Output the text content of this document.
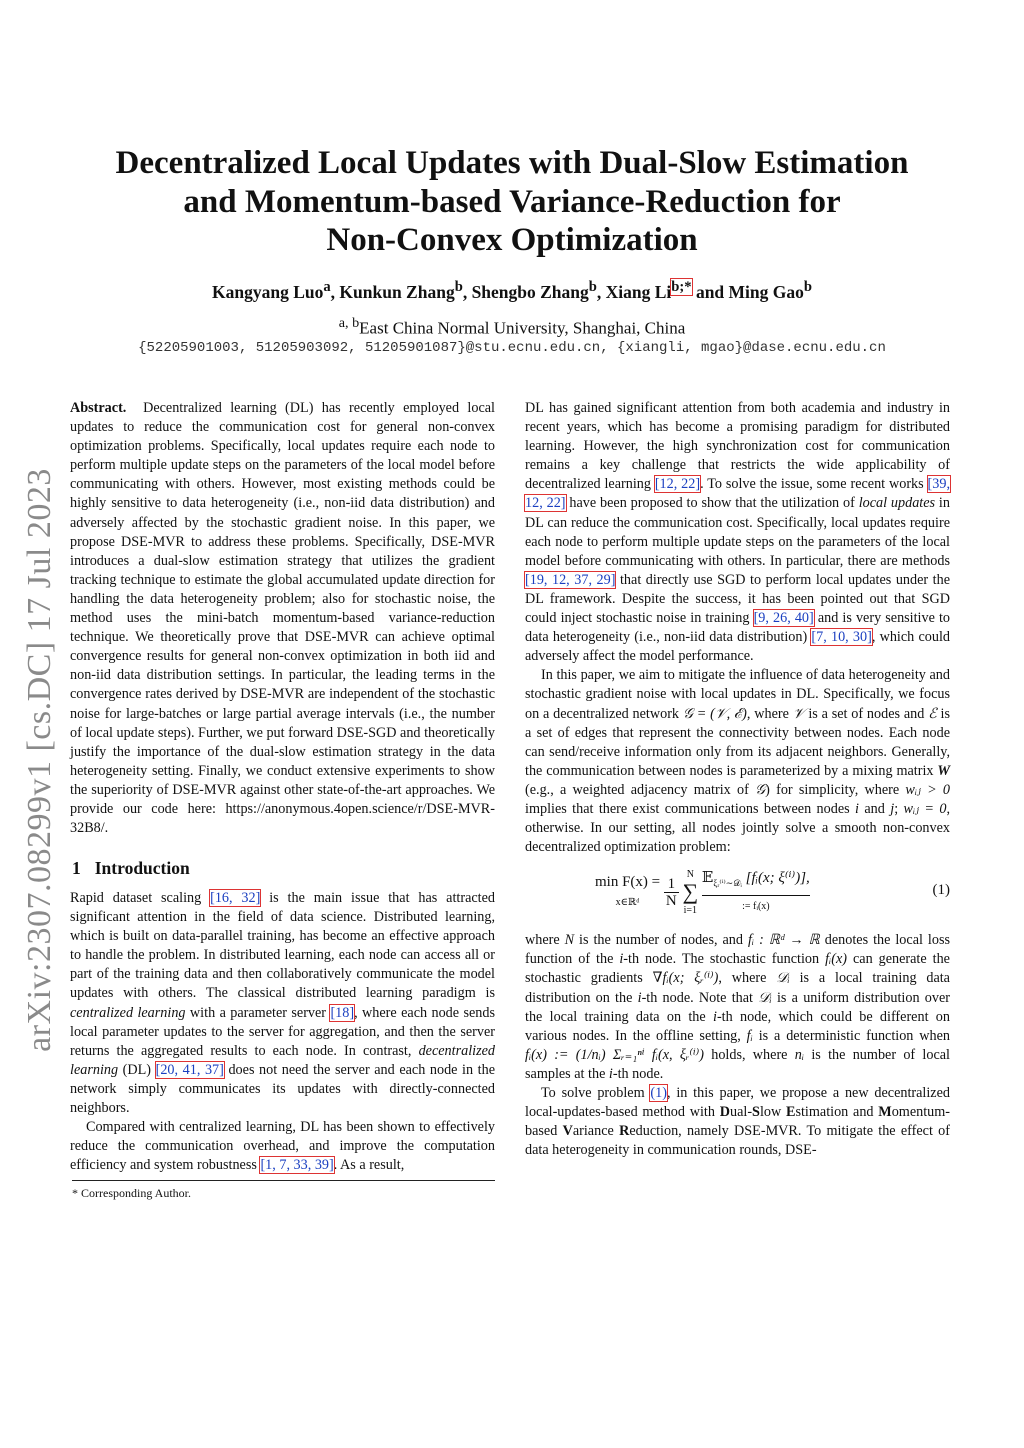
arXiv:2307.08299v1 [cs.DC] 17 Jul 2023
Decentralized Local Updates with Dual-Slow Estimation
and Momentum-based Variance-Reduction for
Non-Convex Optimization
Kangyang Luo$^a$, Kunkun Zhang$^b$, Shengbo Zhang$^b$, Xiang $Li^{b;*}$ and Ming Gao$^b$
$^{a, b}$East China Normal University, Shanghai, China
{52205901003, 51205903092, 51205901087}@stu.ecnu.edu.cn, {xiangli, mgao}@dase.ecnu.edu.cn

Abstract. Decentralized learning (DL) has recently employed local updates to reduce the communication cost for general non-convex optimization problems. Specifically, local updates require each node to perform multiple update steps on the parameters of the local model before communicating with others. However, most existing methods could be highly sensitive to data heterogeneity (i.e., non-iid data distribution) and adversely affected by the stochastic gradient noise. In this paper, we propose DSE-MVR to address these problems. Specifically, DSE-MVR introduces a dual-slow estimation strategy that utilizes the gradient tracking technique to estimate the global accumulated update direction for handling the data heterogeneity problem; also for stochastic noise, the method uses the mini-batch momentum-based variance-reduction technique. We theoretically prove that DSE-MVR can achieve optimal convergence results for general non-convex optimization in both iid and non-iid data distribution settings. In particular, the leading terms in the convergence rates derived by DSE-MVR are independent of the stochastic noise for large-batches or large partial average intervals (i.e., the number of local update steps). Further, we put forward DSE-SGD and theoretically justify the importance of the dual-slow estimation strategy in the data heterogeneity setting. Finally, we conduct extensive experiments to show the superiority of DSE-MVR against other state-of-the-art approaches. We provide our code here: https://anonymous.4open.science/r/DSE-MVR-32B8/.

1 Introduction

Rapid dataset scaling [16, 32] is the main issue that has attracted significant attention in the field of data science. Distributed learning, which is built on data-parallel training, has become an effective approach to handle the problem. In distributed learning, each node can access all or part of the training data and then collaboratively communicate the model updates with others. The classical distributed learning paradigm is centralized learning with a parameter server [18], where each node sends local parameter updates to the server for aggregation, and then the server returns the aggregated results to each node. In contrast, decentralized learning (DL) [20, 41, 37] does not need the server and each node in the network simply communicates its updates with directly-connected neighbors.

Compared with centralized learning, DL has been shown to effectively reduce the communication overhead, and improve the computation efficiency and system robustness [1, 7, 33, 39]. As a result,

* Corresponding Author.

DL has gained significant attention from both academia and industry in recent years, which has become a promising paradigm for distributed learning. However, the high synchronization cost for communication remains a key challenge that restricts the wide applicability of decentralized learning [12, 22]. To solve the issue, some recent works [39, 12, 22] have been proposed to show that the utilization of local updates in DL can reduce the communication cost. Specifically, local updates require each node to perform multiple update steps on the parameters of the local model before communicating with others. In particular, there are methods [19, 12, 37, 29] that directly use SGD to perform local updates under the DL framework. Despite the success, it has been pointed out that SGD could inject stochastic noise in training [9, 26, 40] and is very sensitive to data heterogeneity (i.e., non-iid data distribution) [7, 10, 30], which could adversely affect the model performance.

In this paper, we aim to mitigate the influence of data heterogeneity and stochastic gradient noise with local updates in DL. Specifically, we focus on a decentralized network 𝒢 = (𝒱, ℰ), where 𝒱 is a set of nodes and ℰ is a set of edges that represent the connectivity between nodes. Each node can send/receive information only from its adjacent neighbors. Generally, the communication between nodes is parameterized by a mixing matrix W (e.g., a weighted adjacency matrix of 𝒢) for simplicity, where wᵢⱼ > 0 implies that there exist communications between nodes i and j; wᵢⱼ = 0, otherwise. In our setting, all nodes jointly solve a smooth non-convex decentralized optimization problem:

min F(x) =
x∈ℝᵈ $\frac{1}{N}$ N
∑
i=1 𝔼$_{\xi ᵣ^{(i)}\sim 𝒟ᵢ}$ [fᵢ(x; ξ⁽ⁱ⁾)],
:= fᵢ(x)
(1)

where N is the number of nodes, and fᵢ : ℝᵈ → ℝ denotes the local loss function of the i-th node. The stochastic function fᵢ(x) can generate the stochastic gradients ∇fᵢ(x; ξᵣ⁽ⁱ⁾), where 𝒟ᵢ is a local training data distribution on the i-th node. Note that 𝒟ᵢ is a uniform distribution over the local training data on the i-th node, which could be different on various nodes. In the offline setting, fᵢ is a deterministic function when fᵢ(x) := (1/nᵢ) Σᵣ₌₁ⁿⁱ fᵢ(x, ξᵣ⁽ⁱ⁾) holds, where nᵢ is the number of local samples at the i-th node.

To solve problem (1), in this paper, we propose a new decentralized local-updates-based method with Dual-Slow Estimation and Momentum-based Variance Reduction, namely DSE-MVR. To mitigate the effect of data heterogeneity in communication rounds, DSE-
